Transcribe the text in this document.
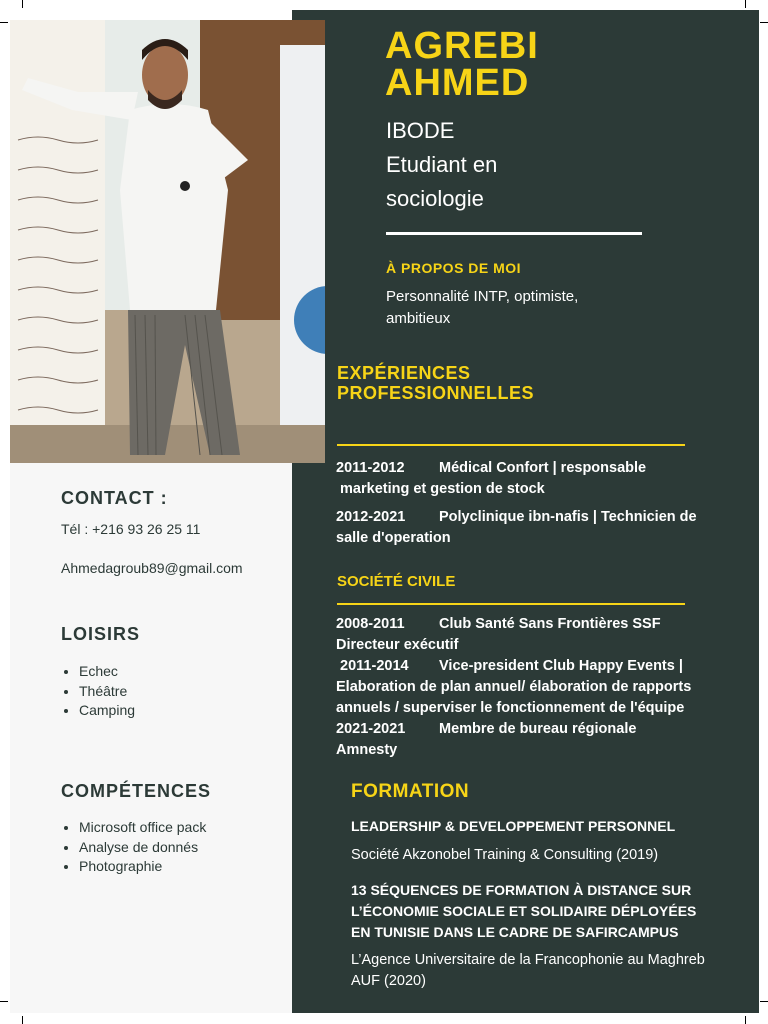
AGREBI
AHMED
IBODE
Etudiant en
sociologie
À PROPOS DE MOI
Personnalité INTP, optimiste, ambitieux
EXPÉRIENCES
PROFESSIONNELLES
2011-2012 Médical Confort | responsable
marketing et gestion de stock
2012-2021 Polyclinique ibn-nafis | Technicien de
salle d'operation
SOCIÉTÉ CIVILE
2008-2011 Club Santé Sans Frontières SSF
Directeur exécutif
2011-2014 Vice-president Club Happy Events |
Elaboration de plan annuel/ élaboration de rapports annuels / superviser le fonctionnement de l'équipe
2021-2021 Membre de bureau régionale
Amnesty
FORMATION
LEADERSHIP & DEVELOPPEMENT PERSONNEL
Société Akzonobel Training & Consulting (2019)
13 SÉQUENCES DE FORMATION À DISTANCE SUR L’ÉCONOMIE SOCIALE ET SOLIDAIRE DÉPLOYÉES EN TUNISIE DANS LE CADRE DE SAFIRCAMPUS
L’Agence Universitaire de la Francophonie au Maghreb AUF (2020)
CONTACT :
Tél : +216 93 26 25 11
Ahmedagroub89@gmail.com
LOISIRS
• Echec
• Théâtre
• Camping
COMPÉTENCES
• Microsoft office pack
• Analyse de donnés
• Photographie
